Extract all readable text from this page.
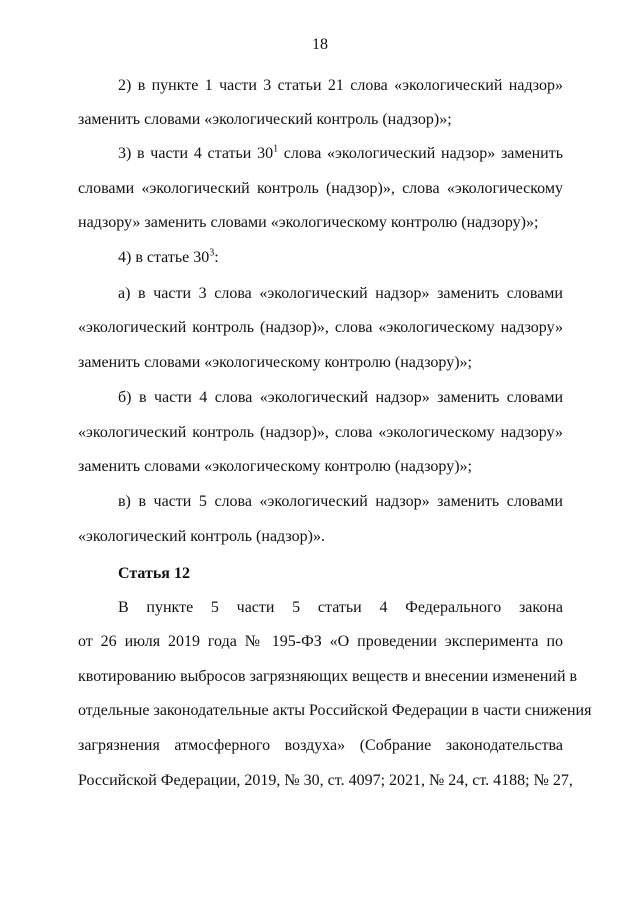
18
2) в пункте 1 части 3 статьи 21 слова «экологический надзор»
заменить словами «экологический контроль (надзор)»;
3) в части 4 статьи $30^1$ слова «экологический надзор» заменить
словами «экологический контроль (надзор)», слова «экологическому
надзору» заменить словами «экологическому контролю (надзору)»;
4) в статье $30^3$:
а) в части 3 слова «экологический надзор» заменить словами
«экологический контроль (надзор)», слова «экологическому надзору»
заменить словами «экологическому контролю (надзору)»;
б) в части 4 слова «экологический надзор» заменить словами
«экологический контроль (надзор)», слова «экологическому надзору»
заменить словами «экологическому контролю (надзору)»;
в) в части 5 слова «экологический надзор» заменить словами
«экологический контроль (надзор)».
Статья 12
В пункте 5 части 5 статьи 4 Федерального закона
от 26 июля 2019 года № 195-ФЗ «О проведении эксперимента по
квотированию выбросов загрязняющих веществ и внесении изменений в
отдельные законодательные акты Российской Федерации в части снижения
загрязнения атмосферного воздуха» (Собрание законодательства
Российской Федерации, 2019, № 30, ст. 4097; 2021, № 24, ст. 4188; № 27,
